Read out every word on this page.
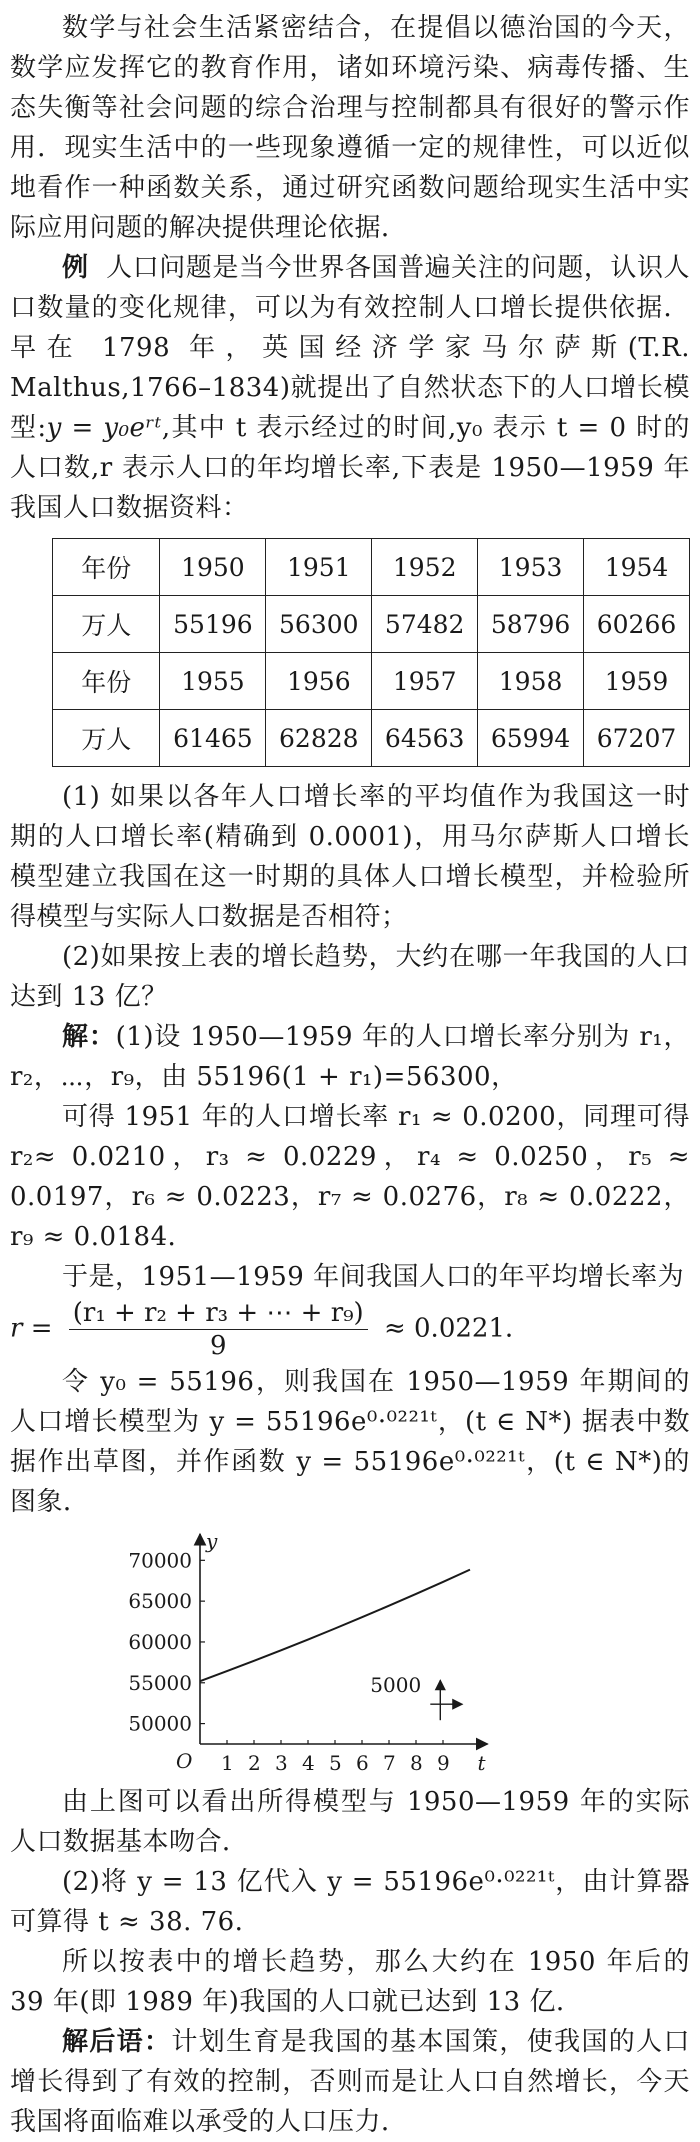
数学与社会生活紧密结合，在提倡以德治国的今天，数学应发挥它的教育作用，诸如环境污染、病毒传播、生态失衡等社会问题的综合治理与控制都具有很好的警示作用．现实生活中的一些现象遵循一定的规律性，可以近似地看作一种函数关系，通过研究函数问题给现实生活中实际应用问题的解决提供理论依据．

例 人口问题是当今世界各国普遍关注的问题，认识人口数量的变化规律，可以为有效控制人口增长提供依据．早在 1798 年，英国经济学家马尔萨斯(T.R. Malthus,1766–1834)就提出了自然状态下的人口增长模型:y = y₀eʳᵗ,其中 t 表示经过的时间,y₀ 表示 t = 0 时的人口数,r 表示人口的年均增长率,下表是 1950—1959 年我国人口数据资料：

年份	1950	1951	1952	1953	1954
万人	55196	56300	57482	58796	60266
年份	1955	1956	1957	1958	1959
万人	61465	62828	64563	65994	67207

(1) 如果以各年人口增长率的平均值作为我国这一时期的人口增长率(精确到 0.0001)，用马尔萨斯人口增长模型建立我国在这一时期的具体人口增长模型，并检验所得模型与实际人口数据是否相符；

(2)如果按上表的增长趋势，大约在哪一年我国的人口达到 13 亿？

解：(1)设 1950—1959 年的人口增长率分别为 r₁，r₂，⋯，r₉，由 55196(1 + r₁)=56300，

可得 1951 年的人口增长率 r₁ ≈ 0.0200，同理可得 r₂≈ 0.0210，r₃ ≈ 0.0229，r₄ ≈ 0.0250，r₅ ≈ 0.0197，r₆ ≈ 0.0223，r₇ ≈ 0.0276，r₈ ≈ 0.0222，r₉ ≈ 0.0184．

于是，1951—1959 年间我国人口的年平均增长率为

$r = \frac{\text{(r₁ + r₂ + r₃ + ⋯ + r₉)}}{9} \approx 0.0221$．

令 y₀ = 55196，则我国在 1950—1959 年期间的人口增长模型为 y = 55196e⁰·⁰²²¹ᵗ，(t ∈ N*) 据表中数据作出草图，并作函数 y = 55196e⁰·⁰²²¹ᵗ，(t ∈ N*)的图象．

y
t
O 1 2 3 4 5 6 7 8 9
50000
55000
60000
65000
70000
5000

由上图可以看出所得模型与 1950—1959 年的实际人口数据基本吻合．

(2)将 y = 13 亿代入 y = 55196e⁰·⁰²²¹ᵗ，由计算器可算得 t ≈ 38. 76．

所以按表中的增长趋势，那么大约在 1950 年后的 39 年(即 1989 年)我国的人口就已达到 13 亿．

解后语：计划生育是我国的基本国策，使我国的人口增长得到了有效的控制，否则而是让人口自然增长，今天我国将面临难以承受的人口压力．
